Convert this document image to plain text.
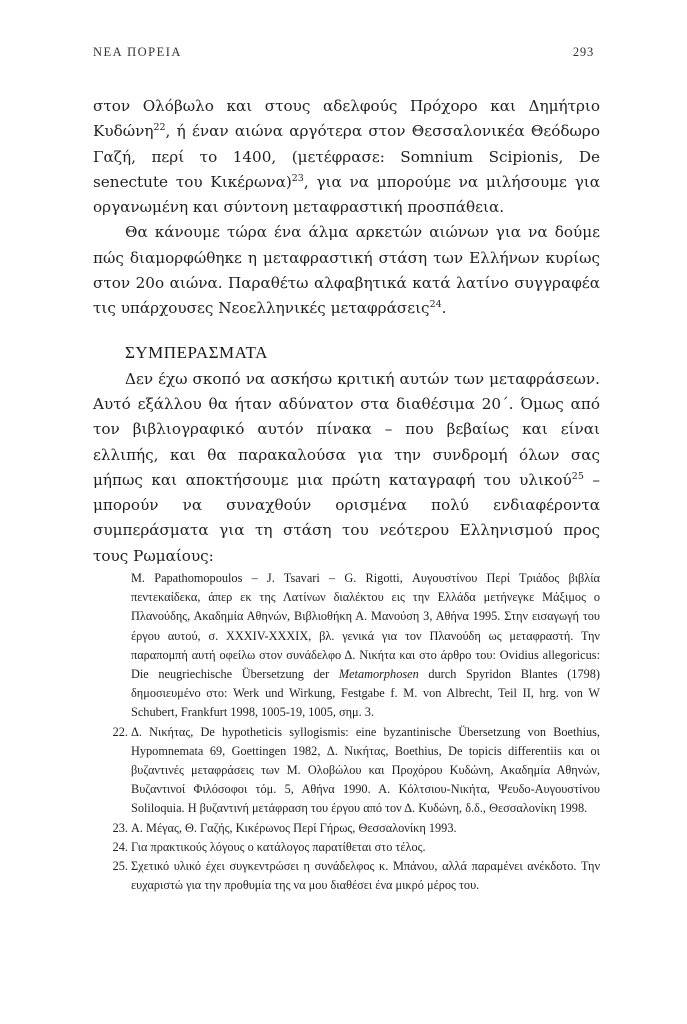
ΝΕΑ ΠΟΡΕΙΑ	293

στον Ολόβωλο και στους αδελφούς Πρόχορο και Δημήτριο Κυδώνη$^{22}$, ή έναν αιώνα αργότερα στον Θεσσαλονικέα Θεόδωρο Γαζή, περί το 1400, (μετέφρασε: Somnium Scipionis, De senectute του Κικέρωνα)$^{23}$, για να μπορούμε να μιλήσουμε για οργανωμένη και σύντονη μεταφραστική προσπάθεια.

Θα κάνουμε τώρα ένα άλμα αρκετών αιώνων για να δούμε πώς διαμορφώθηκε η μεταφραστική στάση των Ελλήνων κυρίως στον 20ο αιώνα. Παραθέτω αλφαβητικά κατά λατίνο συγγραφέα τις υπάρχουσες Νεοελληνικές μεταφράσεις$^{24}$.

ΣΥΜΠΕΡΑΣΜΑΤΑ

Δεν έχω σκοπό να ασκήσω κριτική αυτών των μεταφράσεων. Αυτό εξάλλου θα ήταν αδύνατον στα διαθέσιμα 20΄. Όμως από τον βιβλιογραφικό αυτόν πίνακα – που βεβαίως και είναι ελλιπής, και θα παρακαλούσα για την συνδρομή όλων σας μήπως και αποκτήσουμε μια πρώτη καταγραφή του υλικού$^{25}$ – μπορούν να συναχθούν ορισμένα πολύ ενδιαφέροντα συμπεράσματα για τη στάση του νεότερου Ελληνισμού προς τους Ρωμαίους:

M. Papathomopoulos – J. Tsavari – G. Rigotti, Αυγουστίνου Περί Τριάδος βιβλία πεντεκαίδεκα, άπερ εκ της Λατίνων διαλέκτου εις την Ελλάδα μετήνεγκε Μάξιμος ο Πλανούδης, Ακαδημία Αθηνών, Βιβλιοθήκη Α. Μανούση 3, Αθήνα 1995. Στην εισαγωγή του έργου αυτού, σ. XXXIV-XXXIX, βλ. γενικά για τον Πλανούδη ως μεταφραστή. Την παραπομπή αυτή οφείλω στον συνάδελφο Δ. Νικήτα και στο άρθρο του: Ovidius allegoricus: Die neugriechische Übersetzung der Metamorphosen durch Spyridon Blantes (1798) δημοσιευμένο στο: Werk und Wirkung, Festgabe f. M. von Albrecht, Teil II, hrg. von W Schubert, Frankfurt 1998, 1005-19, 1005, σημ. 3.
22. Δ. Νικήτας, De hypotheticis syllogismis: eine byzantinische Übersetzung von Boethius, Hypomnemata 69, Goettingen 1982, Δ. Νικήτας, Boethius, De topicis differentiis και οι βυζαντινές μεταφράσεις των Μ. Ολοβώλου και Προχόρου Κυδώνη, Ακαδημία Αθηνών, Βυζαντινοί Φιλόσοφοι τόμ. 5, Αθήνα 1990. Α. Κόλτσιου-Νικήτα, Ψευδο-Αυγουστίνου Soliloquia. Η βυζαντινή μετάφραση του έργου από τον Δ. Κυδώνη, δ.δ., Θεσσαλονίκη 1998.
23. Α. Μέγας, Θ. Γαζής, Κικέρωνος Περί Γήρως, Θεσσαλονίκη 1993.
24. Για πρακτικούς λόγους ο κατάλογος παρατίθεται στο τέλος.
25. Σχετικό υλικό έχει συγκεντρώσει η συνάδελφος κ. Μπάνου, αλλά παραμένει ανέκδοτο. Την ευχαριστώ για την προθυμία της να μου διαθέσει ένα μικρό μέρος του.
